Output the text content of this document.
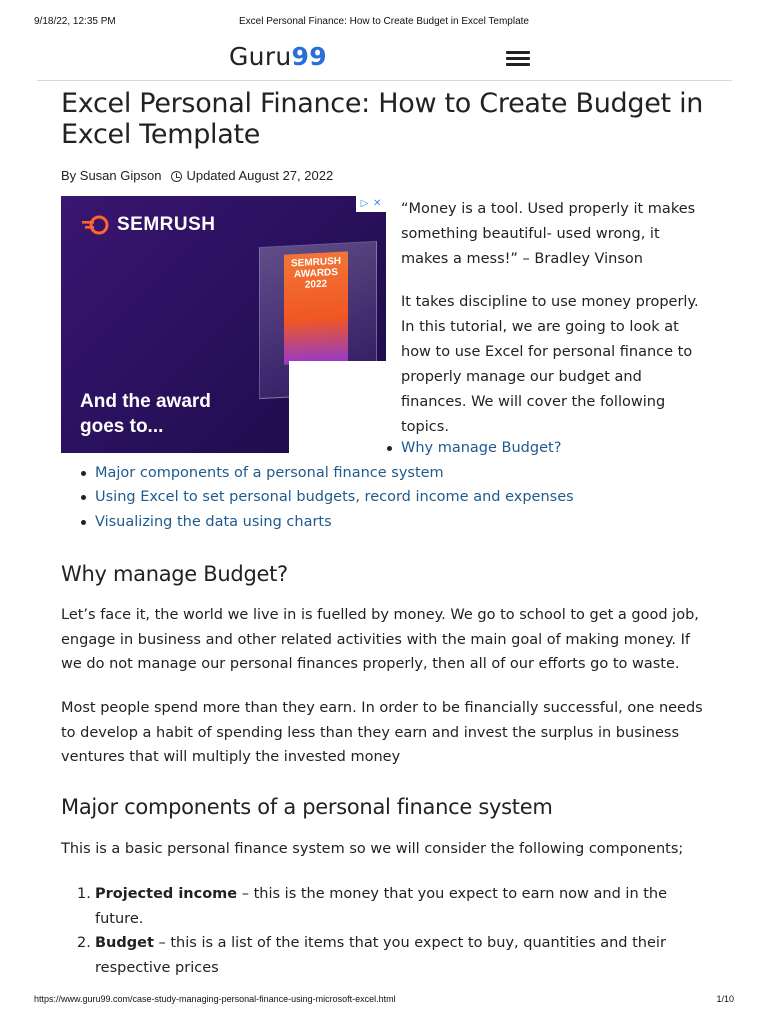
9/18/22, 12:35 PM	Excel Personal Finance: How to Create Budget in Excel Template
Guru99
Excel Personal Finance: How to Create Budget in Excel Template
By Susan Gipson Updated August 27, 2022
▷ ✕
SEMRUSH
SEMRUSH
AWARDS
2022
And the award
goes to...

“Money is a tool. Used properly it makes something beautiful- used wrong, it makes a mess!” – Bradley Vinson

It takes discipline to use money properly. In this tutorial, we are going to look at how to use Excel for personal finance to properly manage our budget and finances. We will cover the following topics.

Why manage Budget?
Major components of a personal finance system
Using Excel to set personal budgets, record income and expenses
Visualizing the data using charts
Why manage Budget?

Let’s face it, the world we live in is fuelled by money. We go to school to get a good job, engage in business and other related activities with the main goal of making money. If we do not manage our personal finances properly, then all of our efforts go to waste.

Most people spend more than they earn. In order to be financially successful, one needs to develop a habit of spending less than they earn and invest the surplus in business ventures that will multiply the invested money

Major components of a personal finance system

This is a basic personal finance system so we will consider the following components;

1. Projected income – this is the money that you expect to earn now and in the future.
2. Budget – this is a list of the items that you expect to buy, quantities and their respective prices
https://www.guru99.com/case-study-managing-personal-finance-using-microsoft-excel.html	1/10
